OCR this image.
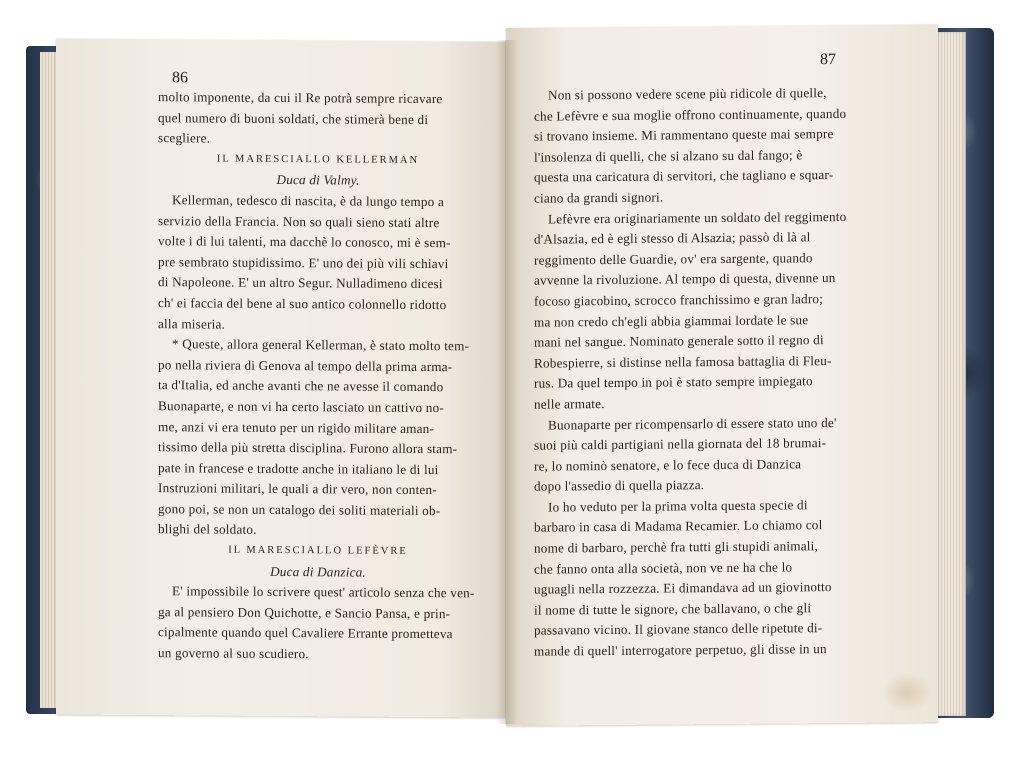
86

molto imponente, da cui il Re potrà sempre ricavare

quel numero di buoni soldati, che stimerà bene di

scegliere.

IL MARESCIALLO KELLERMAN

Duca di Valmy.

Kellerman, tedesco di nascita, è da lungo tempo a

servizio della Francia. Non so quali sieno stati altre

volte i di lui talenti, ma dacchè lo conosco, mi è sem-

pre sembrato stupidissimo. E' uno dei più vili schiavi

di Napoleone. E' un altro Segur. Nulladimeno dicesi

ch' ei faccia del bene al suo antico colonnello ridotto

alla miseria.

* Queste, allora general Kellerman, è stato molto tem-

po nella riviera di Genova al tempo della prima arma-

ta d'Italia, ed anche avanti che ne avesse il comando

Buonaparte, e non vi ha certo lasciato un cattivo no-

me, anzi vi era tenuto per un rigido militare aman-

tissimo della più stretta disciplina. Furono allora stam-

pate in francese e tradotte anche in italiano le di lui

Instruzioni militari, le quali a dir vero, non conten-

gono poi, se non un catalogo dei soliti materiali ob-

blighi del soldato.

IL MARESCIALLO LEFÈVRE

Duca di Danzica.

E' impossibile lo scrivere quest' articolo senza che ven-

ga al pensiero Don Quichotte, e Sancio Pansa, e prin-

cipalmente quando quel Cavaliere Errante prometteva

un governo al suo scudiero.

87

Non si possono vedere scene più ridicole di quelle,

che Lefèvre e sua moglie offrono continuamente, quando

si trovano insieme. Mi rammentano queste mai sempre

l'insolenza di quelli, che si alzano su dal fango; è

questa una caricatura di servitori, che tagliano e squar-

ciano da grandi signori.

Lefèvre era originariamente un soldato del reggimento

d'Alsazia, ed è egli stesso di Alsazia; passò di là al

reggimento delle Guardie, ov' era sargente, quando

avvenne la rivoluzione. Al tempo di questa, divenne un

focoso giacobino, scrocco franchissimo e gran ladro;

ma non credo ch'egli abbia giammai lordate le sue

mani nel sangue. Nominato generale sotto il regno di

Robespierre, si distinse nella famosa battaglia di Fleu-

rus. Da quel tempo in poi è stato sempre impiegato

nelle armate.

Buonaparte per ricompensarlo di essere stato uno de'

suoi più caldi partigiani nella giornata del 18 brumai-

re, lo nominò senatore, e lo fece duca di Danzica

dopo l'assedio di quella piazza.

Io ho veduto per la prima volta questa specie di

barbaro in casa di Madama Recamier. Lo chiamo col

nome di barbaro, perchè fra tutti gli stupidi animali,

che fanno onta alla società, non ve ne ha che lo

uguagli nella rozzezza. Ei dimandava ad un giovinotto

il nome di tutte le signore, che ballavano, o che gli

passavano vicino. Il giovane stanco delle ripetute di-

mande di quell' interrogatore perpetuo, gli disse in un
